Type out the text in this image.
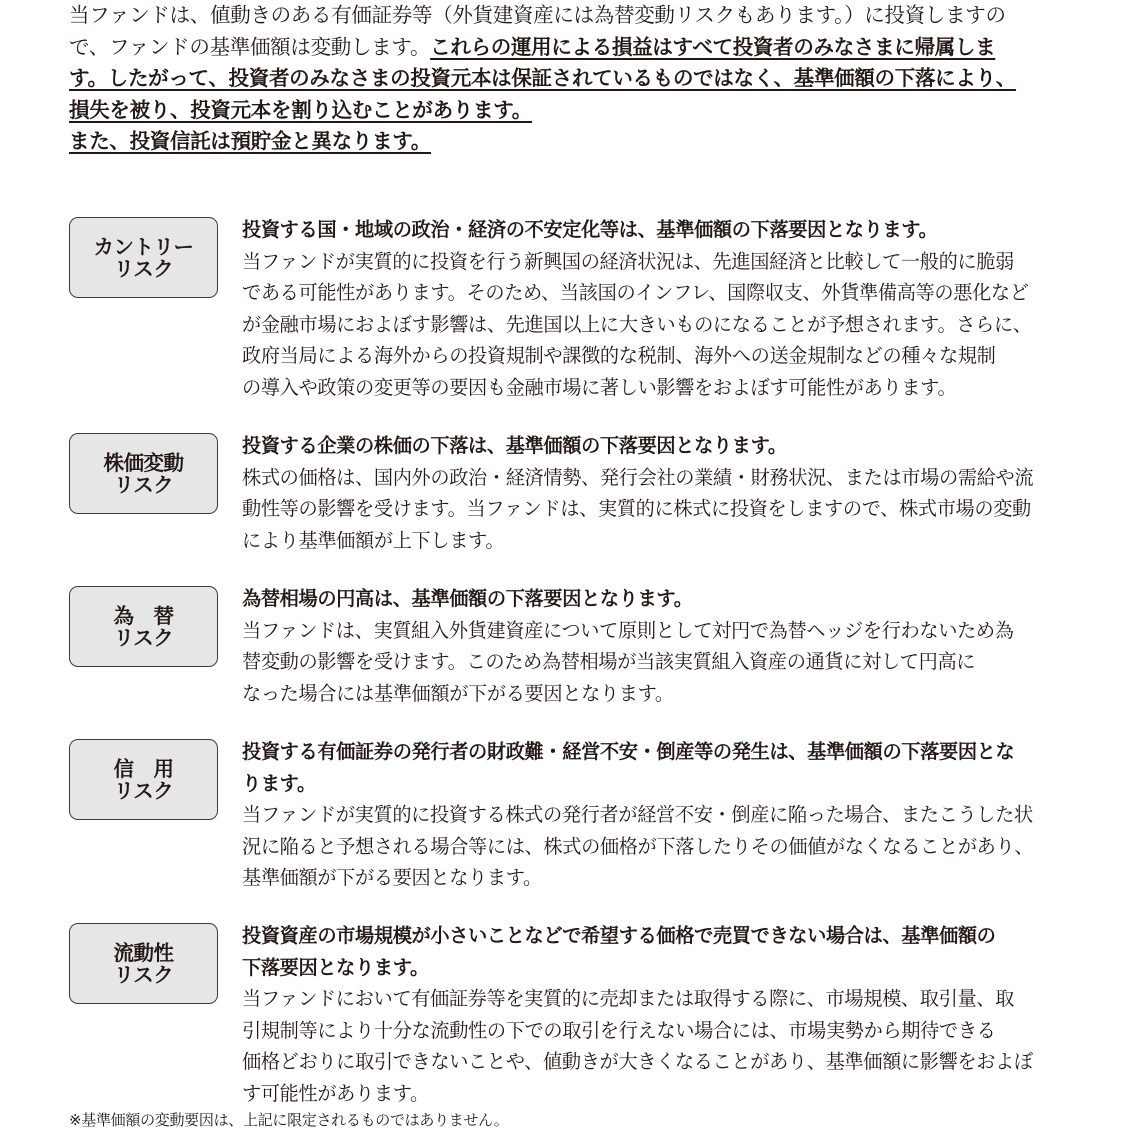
当ファンドは、値動きのある有価証券等（外貨建資産には為替変動リスクもあります。）に投資しますの
で、ファンドの基準価額は変動します。これらの運用による損益はすべて投資者のみなさまに帰属しま
す。したがって、投資者のみなさまの投資元本は保証されているものではなく、基準価額の下落により、
損失を被り、投資元本を割り込むことがあります。
また、投資信託は預貯金と異なります。
カントリー
リスク
投資する国・地域の政治・経済の不安定化等は、基準価額の下落要因となります。
当ファンドが実質的に投資を行う新興国の経済状況は、先進国経済と比較して一般的に脆弱
である可能性があります。そのため、当該国のインフレ、国際収支、外貨準備高等の悪化など
が金融市場におよぼす影響は、先進国以上に大きいものになることが予想されます。さらに、
政府当局による海外からの投資規制や課徴的な税制、海外への送金規制などの種々な規制
の導入や政策の変更等の要因も金融市場に著しい影響をおよぼす可能性があります。
株価変動
リスク
投資する企業の株価の下落は、基準価額の下落要因となります。
株式の価格は、国内外の政治・経済情勢、発行会社の業績・財務状況、または市場の需給や流
動性等の影響を受けます。当ファンドは、実質的に株式に投資をしますので、株式市場の変動
により基準価額が上下します。
為　替
リスク
為替相場の円高は、基準価額の下落要因となります。
当ファンドは、実質組入外貨建資産について原則として対円で為替ヘッジを行わないため為
替変動の影響を受けます。このため為替相場が当該実質組入資産の通貨に対して円高に
なった場合には基準価額が下がる要因となります。
信　用
リスク
投資する有価証券の発行者の財政難・経営不安・倒産等の発生は、基準価額の下落要因とな
ります。
当ファンドが実質的に投資する株式の発行者が経営不安・倒産に陥った場合、またこうした状
況に陥ると予想される場合等には、株式の価格が下落したりその価値がなくなることがあり、
基準価額が下がる要因となります。
流動性
リスク
投資資産の市場規模が小さいことなどで希望する価格で売買できない場合は、基準価額の
下落要因となります。
当ファンドにおいて有価証券等を実質的に売却または取得する際に、市場規模、取引量、取
引規制等により十分な流動性の下での取引を行えない場合には、市場実勢から期待できる
価格どおりに取引できないことや、値動きが大きくなることがあり、基準価額に影響をおよぼ
す可能性があります。
※基準価額の変動要因は、上記に限定されるものではありません。
